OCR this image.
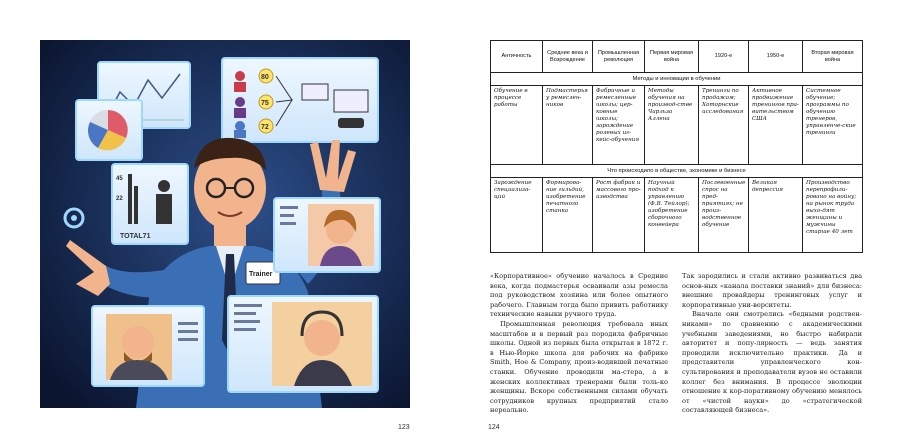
80
75
72
45
22
TOTAL71
Trainer
123	124
Античность	Средние века и Возрождение	Промышленная революция	Первая мировая война	1920-е	1950-е	Вторая мировая война
Методы и инновации в обучении						
Обучение в процессе работы	Подмастерья у ремеслен-ников	Фабричные и ремесленные школы; цер-ковные школы; зарождение ролевых иг-кейс-обучения	Методы обучения на производ-стве Чарльза Аллена	Тренинги по продажам; Хоторнские исследования	Активное продвижение тренингов пра-вительством США	Системное обучение; программы по обучению тренеров, управленче-ские тренинги
Что происходило в обществе, экономике и бизнесе						
Зарождение специализа-ций	Формирова-ние гильдий, изобретение печатного станка	Рост фабрик и массового про-изводства	Научный подход к управлению (Ф.В. Тейлор); изобретение сборочного конвейера	Послевоенные спрос на пред-приятиях; не произ-водственное обучение	Великая депрессия	Производство перепрофили-ровано на войну; на рынок труда выхо-дят женщины и мужчины старше 40 лет

«Корпоративное» обучение началось в Средние века, когда подмастерья осваивали азы ремесла под руководством хозяина или более опытного рабочего. Главным тогда было привить работнику технические навыки ручного труда.

Промышленная революция требовала иных масштабов и в первый раз породила фабричные школы. Одной из первых была открытая в 1872 г. в Нью-Йорке школа для рабочих на фабрике Smith, Hoe & Company, произ-водившей печатные станки. Обучение проводили ма-стера, а в женских коллективах тренерами были толь-ко женщины. Вскоре собственными силами обучать сотрудников крупных предприятий стало нереально.

Так зародились и стали активно развиваться два основ-ных «канала поставки знаний» для бизнеса: внешние провайдеры тренинговых услуг и корпоративные уни-верситеты.

Вначале они смотрелись «бедными родствен-никами» по сравнению с академическими учебными заведениями, но быстро набирали авторитет и попу-лярность — ведь занятия проводили исключительно практики. Да и представители управленческого кон-сультирования и преподаватели вузов не оставили коллег без внимания. В процессе эволюции отношение к кор-поративному обучению менялось от «чистой науки» до «стратегической составляющей бизнеса».
